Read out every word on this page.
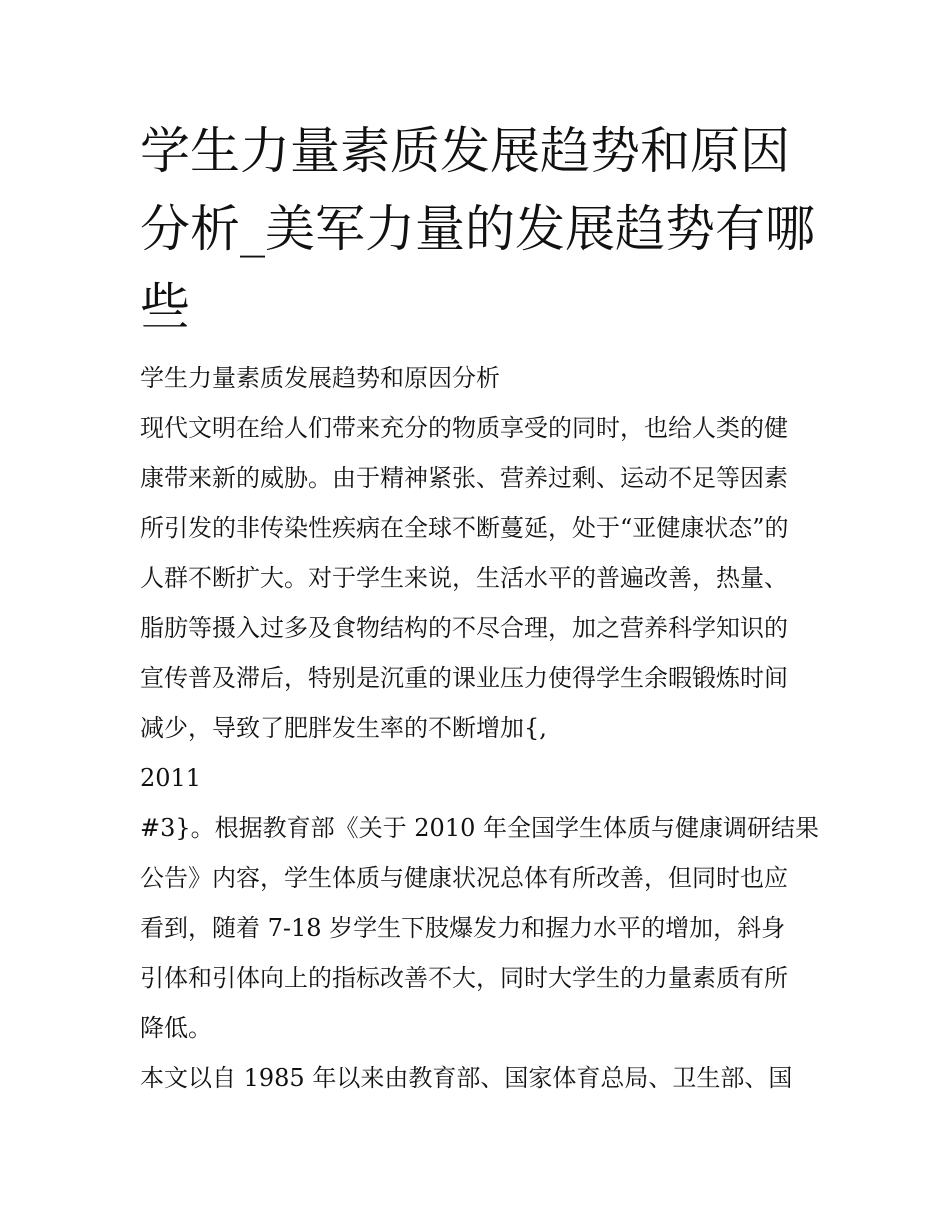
学生力量素质发展趋势和原因
分析_美军力量的发展趋势有哪
些
学生力量素质发展趋势和原因分析
现代文明在给人们带来充分的物质享受的同时，也给人类的健
康带来新的威胁。由于精神紧张、营养过剩、运动不足等因素
所引发的非传染性疾病在全球不断蔓延，处于“亚健康状态”的
人群不断扩大。对于学生来说，生活水平的普遍改善，热量、
脂肪等摄入过多及食物结构的不尽合理，加之营养科学知识的
宣传普及滞后，特别是沉重的课业压力使得学生余暇锻炼时间
减少，导致了肥胖发生率的不断增加{,
2011
#3}。根据教育部《关于 2010 年全国学生体质与健康调研结果
公告》内容，学生体质与健康状况总体有所改善，但同时也应
看到，随着 7-18 岁学生下肢爆发力和握力水平的增加，斜身
引体和引体向上的指标改善不大，同时大学生的力量素质有所
降低。
本文以自 1985 年以来由教育部、国家体育总局、卫生部、国
